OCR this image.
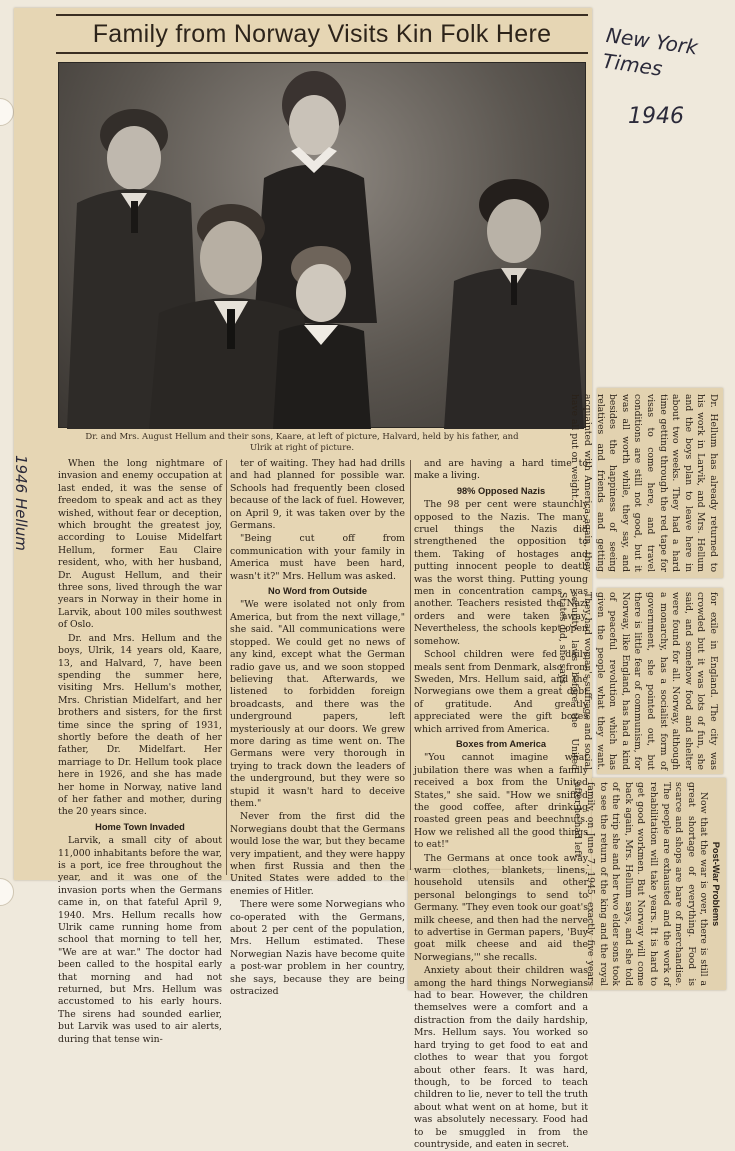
Family from Norway Visits Kin Folk Here
Dr. and Mrs. August Hellum and their sons, Kaare, at left of picture, Halvard, held by his father, and Ulrik at right of picture.

When the long nightmare of invasion and enemy occupation at last ended, it was the sense of freedom to speak and act as they wished, without fear or deception, which brought the greatest joy, according to Louise Midelfart Hellum, former Eau Claire resident, who, with her husband, Dr. August Hellum, and their three sons, lived through the war years in Norway in their home in Larvik, about 100 miles southwest of Oslo.

Dr. and Mrs. Hellum and the boys, Ulrik, 14 years old, Kaare, 13, and Halvard, 7, have been spending the summer here, visiting Mrs. Hellum's mother, Mrs. Christian Midelfart, and her brothers and sisters, for the first time since the spring of 1931, shortly before the death of her father, Dr. Midelfart. Her marriage to Dr. Hellum took place here in 1926, and she has made her home in Norway, native land of her father and mother, during the 20 years since.

Home Town Invaded

Larvik, a small city of about 11,000 inhabitants before the war, is a port, ice free throughout the year, and it was one of the invasion ports when the Germans came in, on that fateful April 9, 1940. Mrs. Hellum recalls how Ulrik came running home from school that morning to tell her, "We are at war." The doctor had been called to the hospital early that morning and had not returned, but Mrs. Hellum was accustomed to his early hours. The sirens had sounded earlier, but Larvik was used to air alerts, during that tense win-

ter of waiting. They had had drills and had planned for possible war. Schools had frequently been closed because of the lack of fuel. However, on April 9, it was taken over by the Germans.

"Being cut off from communication with your family in America must have been hard, wasn't it?" Mrs. Hellum was asked.

No Word from Outside

"We were isolated not only from America, but from the next village," she said. "All communications were stopped. We could get no news of any kind, except what the German radio gave us, and we soon stopped believing that. Afterwards, we listened to forbidden foreign broadcasts, and there was the underground papers, left mysteriously at our doors. We grew more daring as time went on. The Germans were very thorough in trying to track down the leaders of the underground, but they were so stupid it wasn't hard to deceive them."

Never from the first did the Norwegians doubt that the Germans would lose the war, but they became very impatient, and they were happy when first Russia and then the United States were added to the enemies of Hitler.

There were some Norwegians who co-operated with the Germans, about 2 per cent of the population, Mrs. Hellum estimated. These Norwegian Nazis have become quite a post-war problem in her country, she says, because they are being ostracized

and are having a hard time to make a living.

98% Opposed Nazis

The 98 per cent were staunchly opposed to the Nazis. The many cruel things the Nazis did strengthened the opposition to them. Taking of hostages and putting innocent people to death was the worst thing. Putting young men in concentration camps was another. Teachers resisted the Nazi orders and were taken away. Nevertheless, the schools kept open somehow.

School children were fed daily meals sent from Denmark, also from Sweden, Mrs. Hellum said, and the Norwegians owe them a great debt of gratitude. And greatly appreciated were the gift boxes which arrived from America.

Boxes from America

"You cannot imagine what jubilation there was when a family received a box from the United States," she said. "How we sniffed the good coffee, after drinking roasted green peas and beechnuts. How we relished all the good things to eat!"

The Germans at once took away warm clothes, blankets, linens, household utensils and other personal belongings to send to Germany. "They even took our goat's milk cheese, and then had the nerve to advertise in German papers, 'Buy goat milk cheese and aid the Norwegians,'" she recalls.

Anxiety about their children was among the hard things Norwegians had to bear. However, the children themselves were a comfort and a distraction from the daily hardship, Mrs. Hellum says. You worked so hard trying to get food to eat and clothes to wear that you forgot about other fears. It was hard, though, to be forced to teach children to lie, never to tell the truth about what went on at home, but it was absolutely necessary. Food had to be smuggled in from the countryside, and eaten in secret.

Dr. Hellum has already returned to his work in Larvik, and Mrs. Hellum and the boys plan to leave here in about two weeks. They had a hard time getting through the red tape for visas to come here, and travel conditions are still not good, but it was all worth while, they say, and besides the happiness of seeing relatives and friends and getting acquainted with America again, they have all put on weight.
for exile in England. The city was crowded but it was lots of fun, she said, and somehow food and shelter were found for all. Norway, although a monarchy, has a socialist form of government, she pointed out, but there is little fear of communism, for Norway, like England, has had a kind of peaceful revolution which has given the people what they want. They had woman's suffrage and social security laws before the United States did, she says.

Post-War Problems

Now that the war is over, there is still a great shortage of everything. Food is scarce and shops are bare of merchandise. The people are exhausted and the work of rehabilitation will take years. It is hard to get good workmen. But Norway will come back again, Mrs. Hellum says, and she told of the trip she and her two elder sons took to see the return of the king and the royal family, on June 7, 1945, exactly five years after he had left

New York Times
1946
1946 Hellum
